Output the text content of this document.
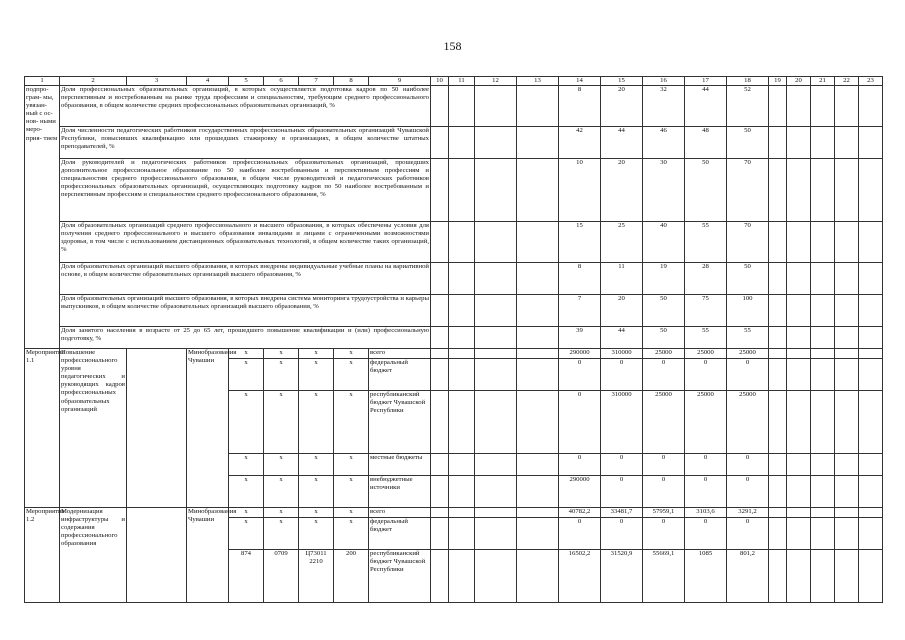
158
1	2	3	4	5	6	7	8	9	10	11	12	13	14	15	16	17	18	19	20	21	22	23
подпро- грам- мы, увязан- ный с ос- нов- ными меро- прия- тием	Доля профессиональных образовательных организаций, в которых осуществляется подготовка кадров по 50 наиболее перспективным и востребованным на рынке труда профессиям и специальностям, требующим среднего профессионального образования, в общем количестве средних профессиональных образовательных организаций, %												8	20	32	44	52					
	Доля численности педагогических работников государственных профессиональных образовательных организаций Чувашской Республики, повысивших квалификацию или прошедших стажировку в организациях, в общем количестве штатных преподавателей, %												42	44	46	48	50					
	Доля руководителей и педагогических работников профессиональных образовательных организаций, прошедших дополнительное профессиональное образование по 50 наиболее востребованным и перспективным профессиям и специальностям среднего профессионального образования, в общем числе руководителей и педагогических работников профессиональных образовательных организаций, осуществляющих подготовку кадров по 50 наиболее востребованным и перспективным профессиям и специальностям среднего профессионального образования, %												10	20	30	50	70					
	Доля образовательных организаций среднего профессионального и высшего образования, в которых обеспечены условия для получения среднего профессионального и высшего образования инвалидами и лицами с ограниченными возможностями здоровья, в том числе с использованием дистанционных образовательных технологий, в общем количестве таких организаций, %												15	25	40	55	70					
	Доля образовательных организаций высшего образования, в которых внедрены индивидуальные учебные планы на вариативной основе, в общем количестве образовательных организаций высшего образования, %												8	11	19	28	50					
	Доля образовательных организаций высшего образования, в которых внедрена система мониторинга трудоустройства и карьеры выпускников, в общем количестве образовательных организаций высшего образования, %												7	20	50	75	100					
	Доля занятого населения в возрасте от 25 до 65 лет, прошедшего повышение квалификации и (или) профессиональную подготовку, %												39	44	50	55	55					
Мероприятие 1.1	Повышение профессионального уровня педагогических и руководящих кадров профессиональных образовательных организаций		Минобразования Чувашии	x	x	x	x	всего					290000	310000	25000	25000	25000					
				x	x	x	x	федеральный бюджет					0	0	0	0	0					
				x	x	x	x	республиканский бюджет Чувашской Республики					0	310000	25000	25000	25000					
				x	x	x	x	местные бюджеты					0	0	0	0	0					
				x	x	x	x	внебюджетные источники					290000	0	0	0	0					
Мероприятие 1.2	Модернизация инфраструктуры и содержания профессионального образования		Минобразования Чувашии	x	x	x	x	всего					40782,2	33481,7	57959,1	3103,6	3291,2					
				x	x	x	x	федеральный бюджет					0	0	0	0	0					
				874	0709	Ц73011 2210	200	республиканский бюджет Чувашской Республики					16502,2	31520,9	55669,1	1085	801,2					
